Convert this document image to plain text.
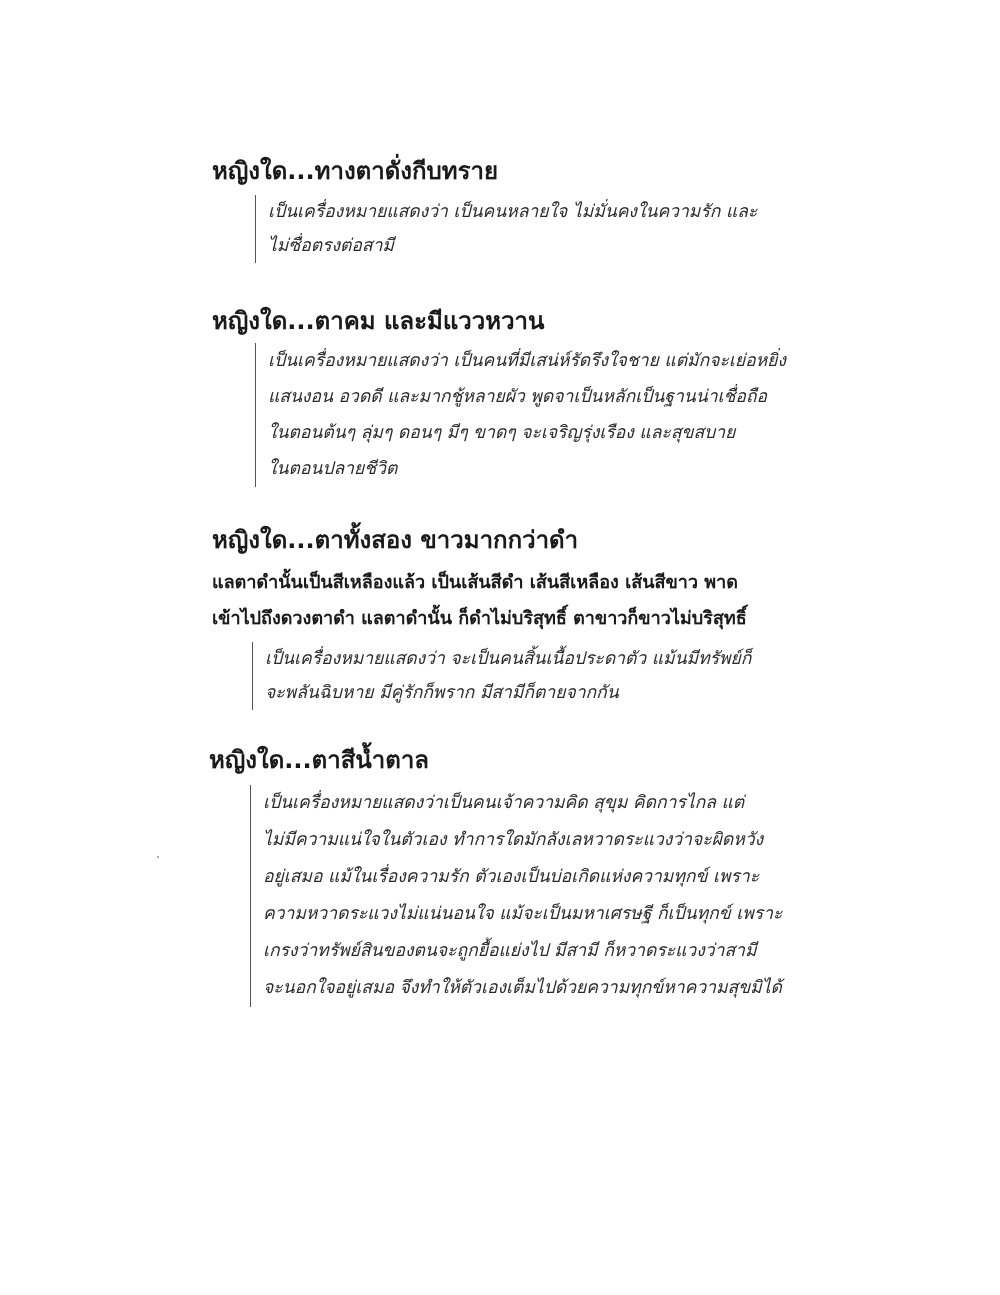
หญิงใด...ทางตาดั่งกีบทราย
เป็นเครื่องหมายแสดงว่า เป็นคนหลายใจ ไม่มั่นคงในความรัก และ
ไม่ซื่อตรงต่อสามี
หญิงใด...ตาคม และมีแววหวาน
เป็นเครื่องหมายแสดงว่า เป็นคนที่มีเสน่ห์รัดรึงใจชาย แต่มักจะเย่อหยิ่ง
แสนงอน อวดดี และมากชู้หลายผัว พูดจาเป็นหลักเป็นฐานน่าเชื่อถือ
ในตอนต้นๆ ลุ่มๆ ดอนๆ มีๆ ขาดๆ จะเจริญรุ่งเรือง และสุขสบาย
ในตอนปลายชีวิต
หญิงใด...ตาทั้งสอง ขาวมากกว่าดำ
แลตาดำนั้นเป็นสีเหลืองแล้ว เป็นเส้นสีดำ เส้นสีเหลือง เส้นสีขาว พาด
เข้าไปถึงดวงตาดำ แลตาดำนั้น ก็ดำไม่บริสุทธิ์ ตาขาวก็ขาวไม่บริสุทธิ์
เป็นเครื่องหมายแสดงว่า จะเป็นคนสิ้นเนื้อประดาตัว แม้นมีทรัพย์ก็
จะพลันฉิบหาย มีคู่รักก็พราก มีสามีก็ตายจากกัน
หญิงใด...ตาสีน้ำตาล
เป็นเครื่องหมายแสดงว่าเป็นคนเจ้าความคิด สุขุม คิดการไกล แต่
ไม่มีความแน่ใจในตัวเอง ทำการใดมักลังเลหวาดระแวงว่าจะผิดหวัง
อยู่เสมอ แม้ในเรื่องความรัก ตัวเองเป็นบ่อเกิดแห่งความทุกข์ เพราะ
ความหวาดระแวงไม่แน่นอนใจ แม้จะเป็นมหาเศรษฐี ก็เป็นทุกข์ เพราะ
เกรงว่าทรัพย์สินของตนจะถูกยื้อแย่งไป มีสามี ก็หวาดระแวงว่าสามี
จะนอกใจอยู่เสมอ จึงทำให้ตัวเองเต็มไปด้วยความทุกข์หาความสุขมิได้
